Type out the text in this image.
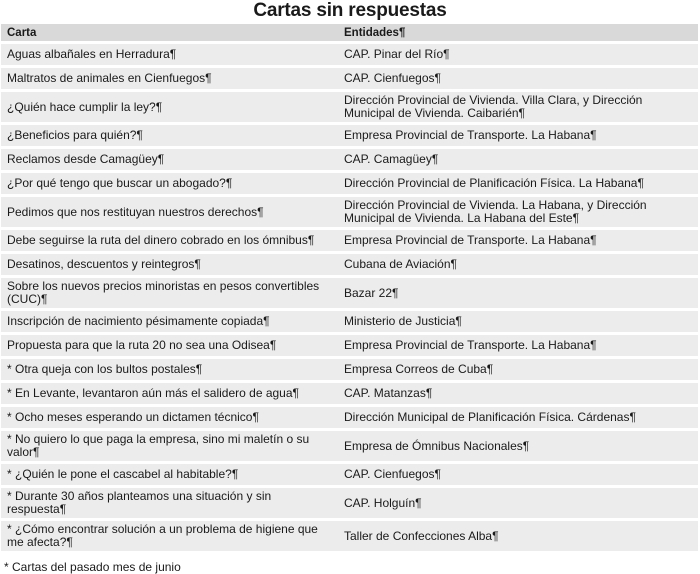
Cartas sin respuestas
Carta	Entidades¶
Aguas albañales en Herradura¶	CAP. Pinar del Río¶
Maltratos de animales en Cienfuegos¶	CAP. Cienfuegos¶
¿Quién hace cumplir la ley?¶	Dirección Provincial de Vivienda. Villa Clara, y Dirección Municipal de Vivienda. Caibarién¶
¿Beneficios para quién?¶	Empresa Provincial de Transporte. La Habana¶
Reclamos desde Camagüey¶	CAP. Camagüey¶
¿Por qué tengo que buscar un abogado?¶	Dirección Provincial de Planificación Física. La Habana¶
Pedimos que nos restituyan nuestros derechos¶	Dirección Provincial de Vivienda. La Habana, y Dirección Municipal de Vivienda. La Habana del Este¶
Debe seguirse la ruta del dinero cobrado en los ómnibus¶	Empresa Provincial de Transporte. La Habana¶
Desatinos, descuentos y reintegros¶	Cubana de Aviación¶
Sobre los nuevos precios minoristas en pesos convertibles (CUC)¶	Bazar 22¶
Inscripción de nacimiento pésimamente copiada¶	Ministerio de Justicia¶
Propuesta para que la ruta 20 no sea una Odisea¶	Empresa Provincial de Transporte. La Habana¶
* Otra queja con los bultos postales¶	Empresa Correos de Cuba¶
* En Levante, levantaron aún más el salidero de agua¶	CAP. Matanzas¶
* Ocho meses esperando un dictamen técnico¶	Dirección Municipal de Planificación Física. Cárdenas¶
* No quiero lo que paga la empresa, sino mi maletín o su valor¶	Empresa de Ómnibus Nacionales¶
* ¿Quién le pone el cascabel al habitable?¶	CAP. Cienfuegos¶
* Durante 30 años planteamos una situación y sin respuesta¶	CAP. Holguín¶
* ¿Cómo encontrar solución a un problema de higiene que me afecta?¶	Taller de Confecciones Alba¶
* Cartas del pasado mes de junio
